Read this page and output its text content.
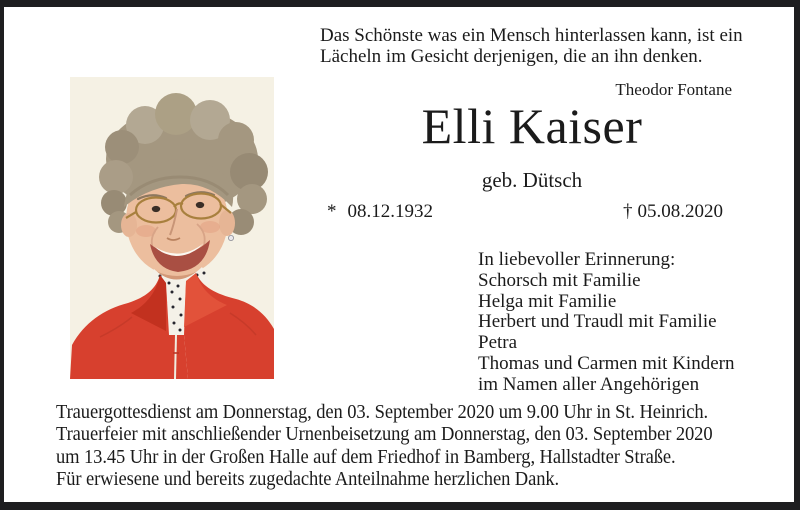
Das Schönste was ein Mensch hinterlassen kann, ist ein
Lächeln im Gesicht derjenigen, die an ihn denken.
Theodor Fontane
Elli Kaiser
geb. Dütsch
* 08.12.1932	† 05.08.2020
In liebevoller Erinnerung:
Schorsch mit Familie
Helga mit Familie
Herbert und Traudl mit Familie
Petra
Thomas und Carmen mit Kindern
im Namen aller Angehörigen
Trauergottesdienst am Donnerstag, den 03. September 2020 um 9.00 Uhr in St. Heinrich.
Trauerfeier mit anschließender Urnenbeisetzung am Donnerstag, den 03. September 2020
um 13.45 Uhr in der Großen Halle auf dem Friedhof in Bamberg, Hallstadter Straße.
Für erwiesene und bereits zugedachte Anteilnahme herzlichen Dank.
